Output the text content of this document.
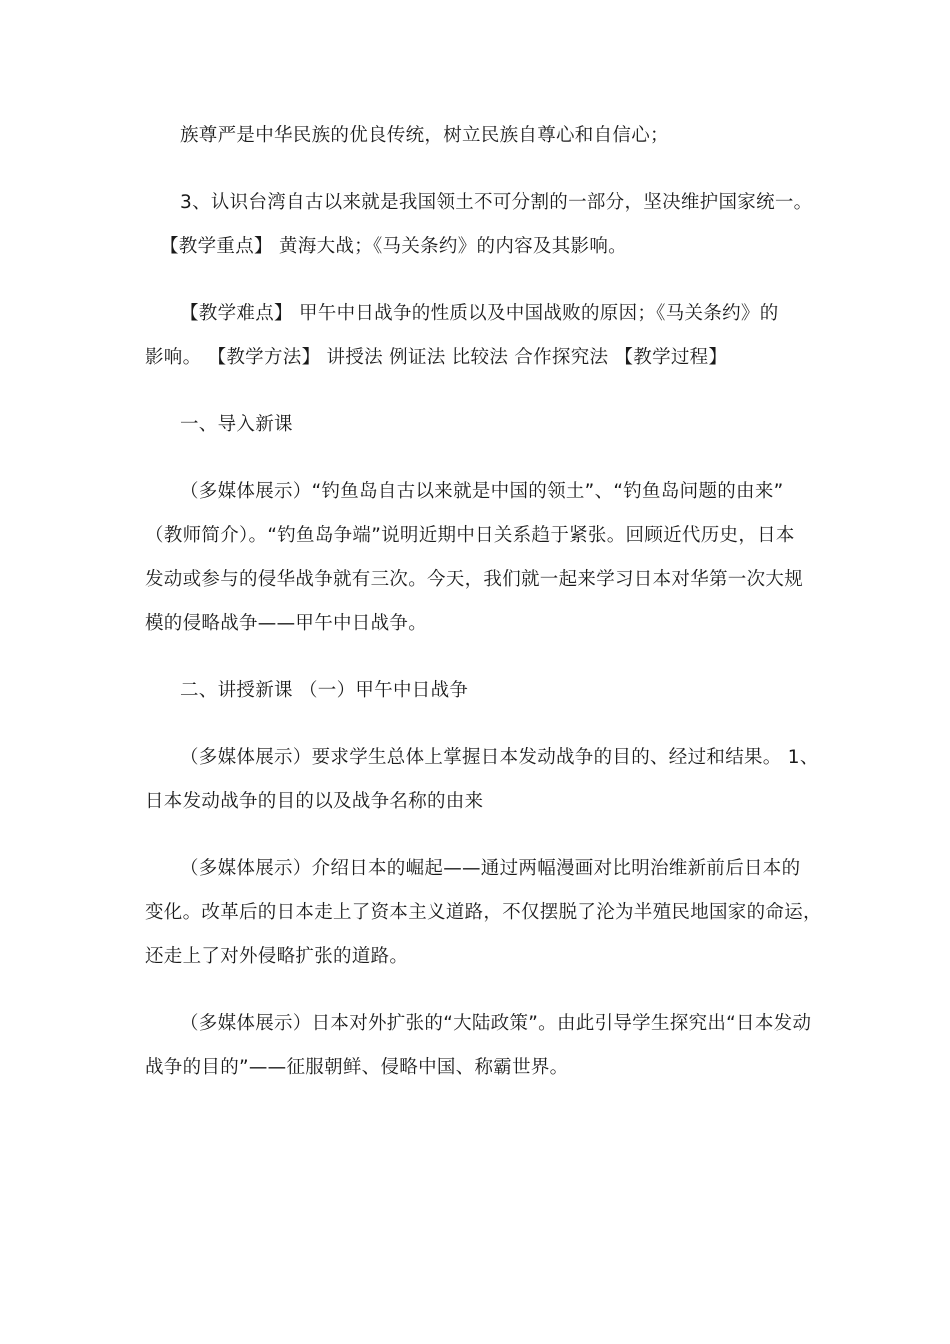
族尊严是中华民族的优良传统，树立民族自尊心和自信心；
3、认识台湾自古以来就是我国领土不可分割的一部分，坚决维护国家统一。
【教学重点】 黄海大战；《马关条约》的内容及其影响。
【教学难点】 甲午中日战争的性质以及中国战败的原因；《马关条约》的
影响。 【教学方法】 讲授法 例证法 比较法 合作探究法 【教学过程】
一、导入新课
（多媒体展示）“钓鱼岛自古以来就是中国的领土”、“钓鱼岛问题的由来”
（教师简介）。“钓鱼岛争端”说明近期中日关系趋于紧张。回顾近代历史，日本
发动或参与的侵华战争就有三次。今天，我们就一起来学习日本对华第一次大规
模的侵略战争——甲午中日战争。
二、讲授新课 （一）甲午中日战争
（多媒体展示）要求学生总体上掌握日本发动战争的目的、经过和结果。 1、
日本发动战争的目的以及战争名称的由来
（多媒体展示）介绍日本的崛起——通过两幅漫画对比明治维新前后日本的
变化。改革后的日本走上了资本主义道路，不仅摆脱了沦为半殖民地国家的命运，
还走上了对外侵略扩张的道路。
（多媒体展示）日本对外扩张的“大陆政策”。由此引导学生探究出“日本发动
战争的目的”——征服朝鲜、侵略中国、称霸世界。
